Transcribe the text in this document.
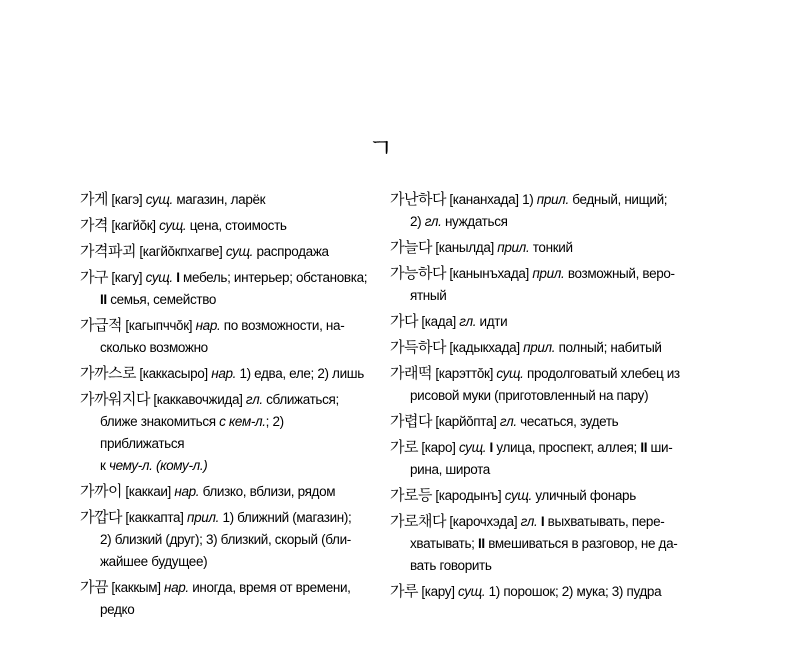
ㄱ

가게 [кагэ] сущ. магазин, ларёк

가격 [кагйŏк] сущ. цена, стоимость

가격파괴 [кагйŏкпхагве] сущ. распродажа

가구 [кагу] сущ. I мебель; интерьер; обстановка;
II семья, семейство

가급적 [кагыпччŏк] нар. по возможности, на-
сколько возможно

가까스로 [каккасыро] нар. 1) едва, еле; 2) лишь

가까워지다 [каккавочжида] гл. сближаться;
ближе знакомиться с кем-л.; 2) приближаться
к чему-л. (кому-л.)

가까이 [каккаи] нар. близко, вблизи, рядом

가깝다 [каккапта] прил. 1) ближний (магазин);
2) близкий (друг); 3) близкий, скорый (бли-
жайшее будущее)

가끔 [каккым] нар. иногда, время от времени,
редко

가난하다 [кананхада] 1) прил. бедный, нищий;
2) гл. нуждаться

가늘다 [канылда] прил. тонкий

가능하다 [канынъхада] прил. возможный, веро-
ятный

가다 [када] гл. идти

가득하다 [кадыкхада] прил. полный; набитый

가래떡 [карэттŏк] сущ. продолговатый хлебец из
рисовой муки (приготовленный на пару)

가렵다 [карйŏпта] гл. чесаться, зудеть

가로 [каро] сущ. I улица, проспект, аллея; II ши-
рина, широта

가로등 [кародынъ] сущ. уличный фонарь

가로채다 [карочхэда] гл. I выхватывать, пере-
хватывать; II вмешиваться в разговор, не да-
вать говорить

가루 [кару] сущ. 1) порошок; 2) мука; 3) пудра
